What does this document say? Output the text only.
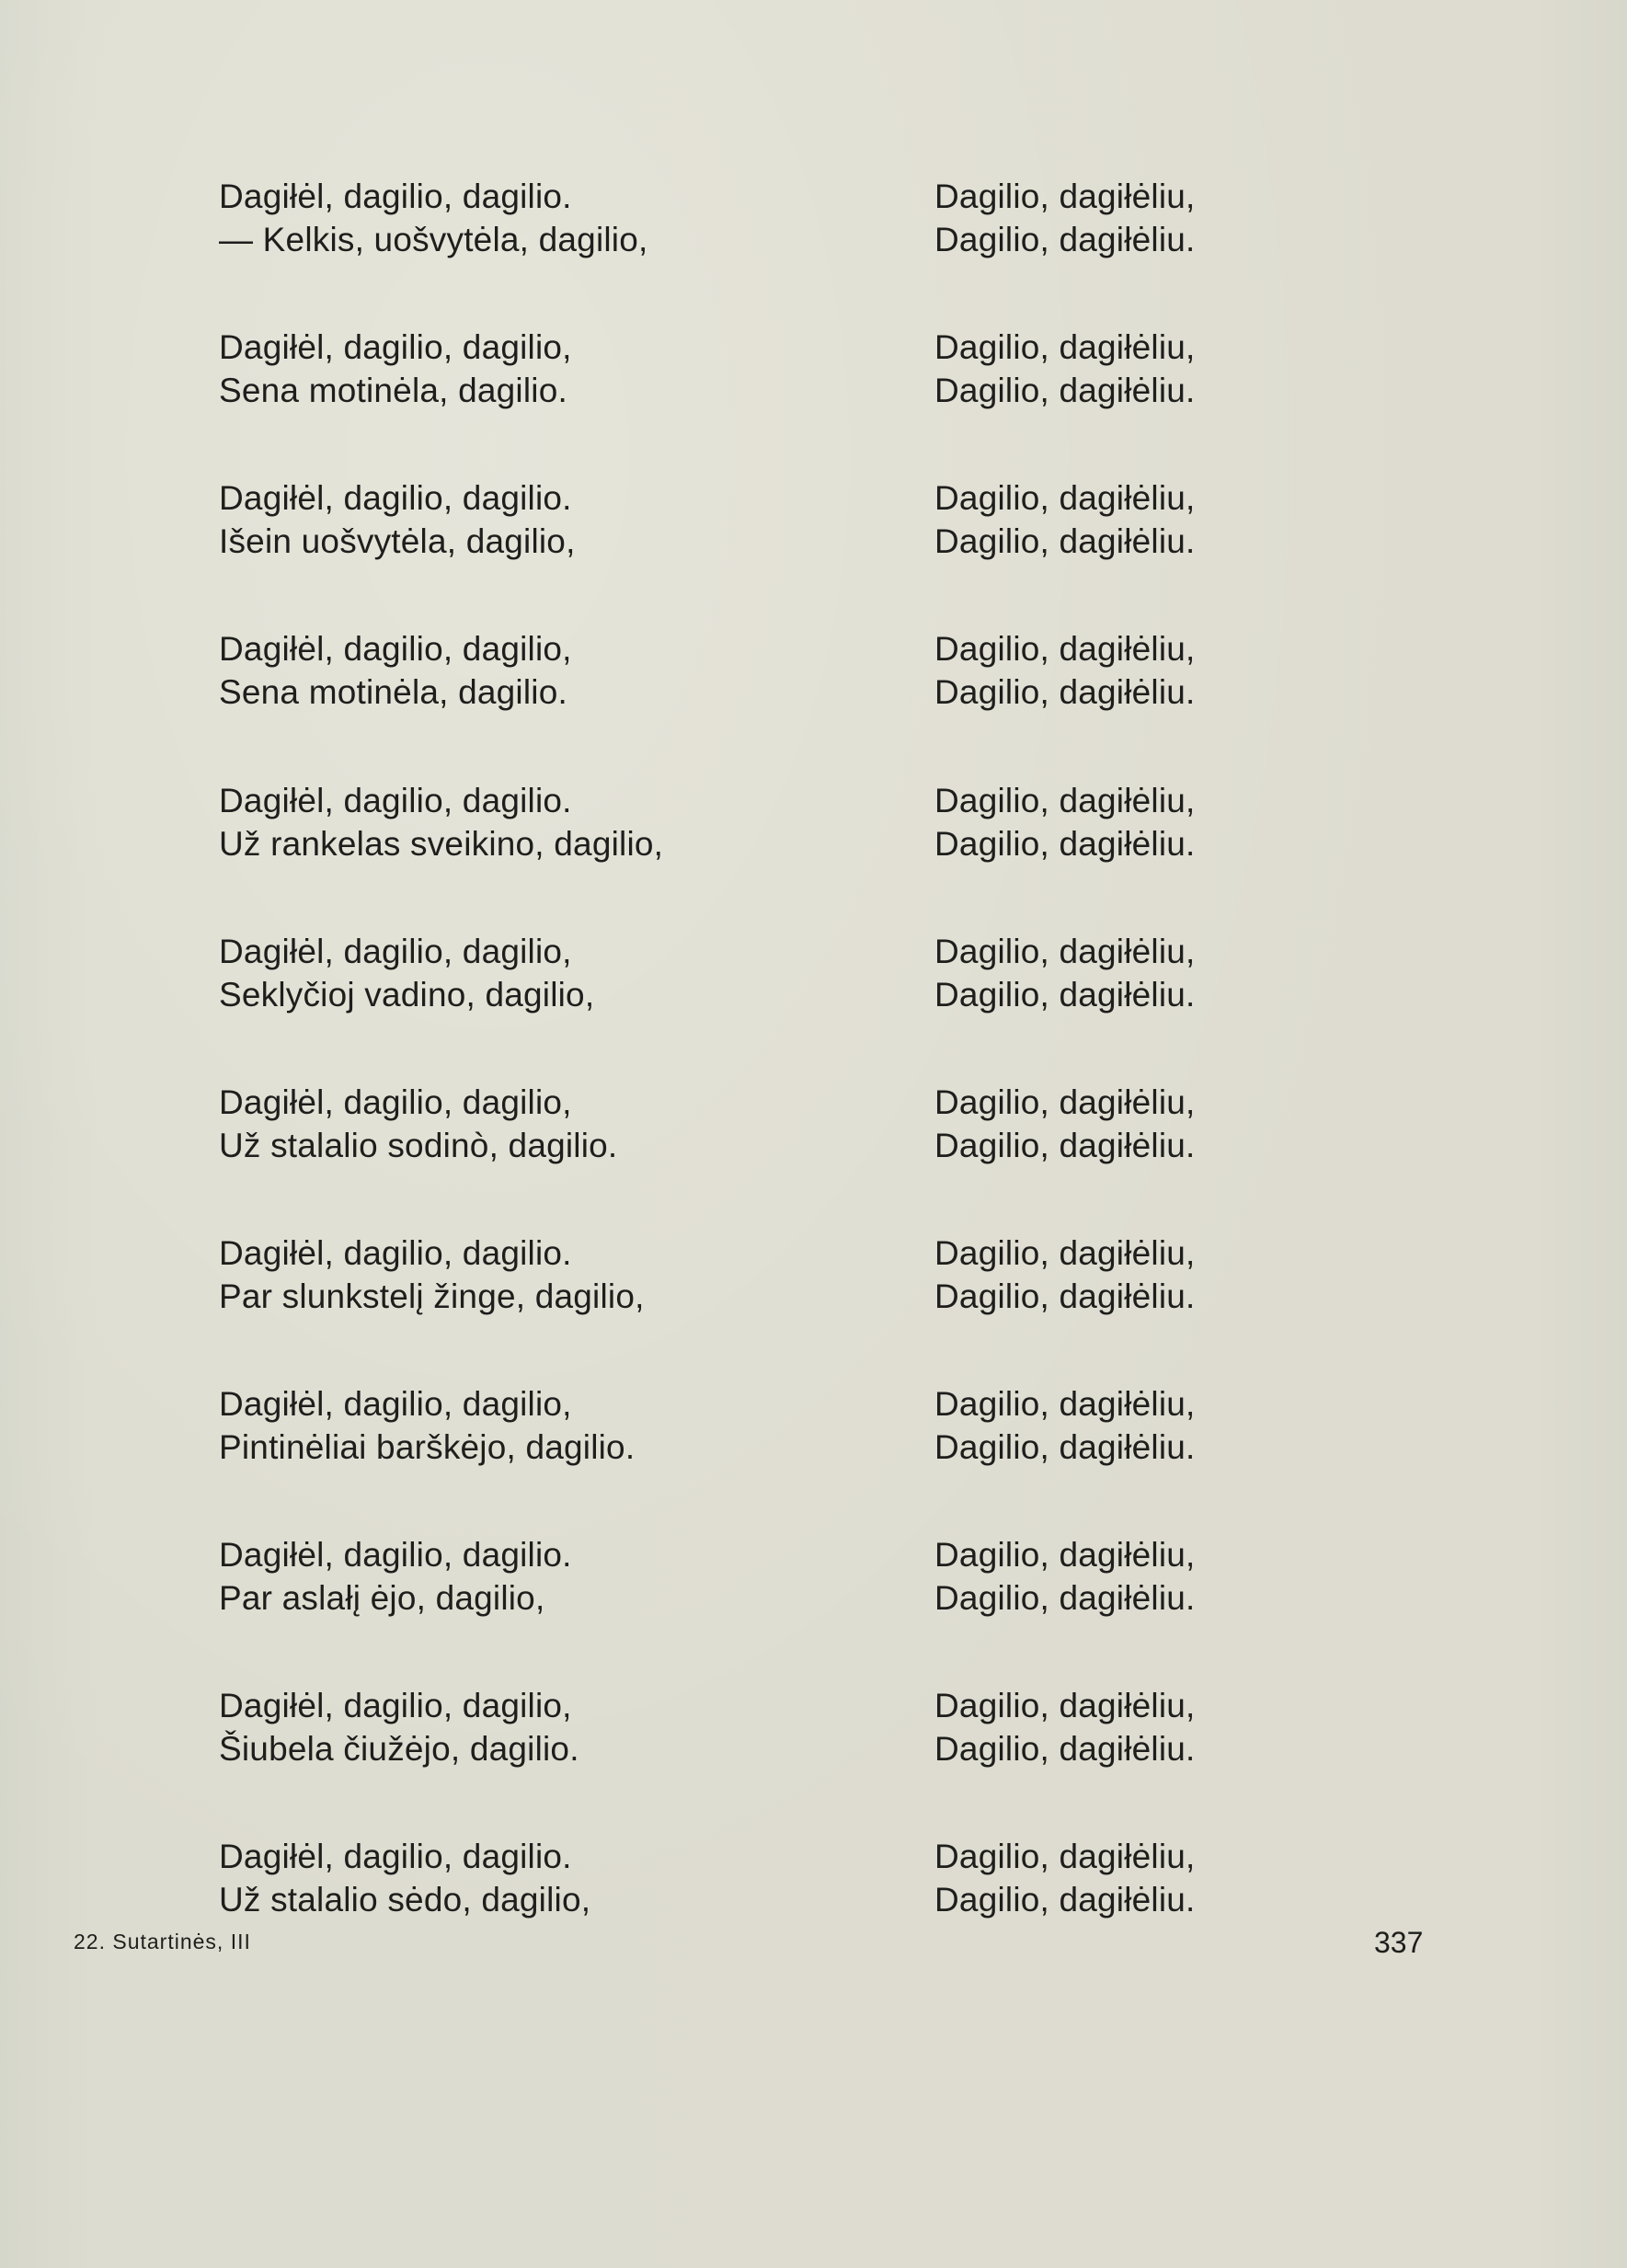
Dagiłėl, dagilio, dagilio.
— Kelkis, uošvytėla, dagilio,
Dagilio, dagiłėliu,
Dagilio, dagiłėliu.
Dagiłėl, dagilio, dagilio,
Sena motinėla, dagilio.
Dagilio, dagiłėliu,
Dagilio, dagiłėliu.
Dagiłėl, dagilio, dagilio.
Išein uošvytėla, dagilio,
Dagilio, dagiłėliu,
Dagilio, dagiłėliu.
Dagiłėl, dagilio, dagilio,
Sena motinėla, dagilio.
Dagilio, dagiłėliu,
Dagilio, dagiłėliu.
Dagiłėl, dagilio, dagilio.
Už rankelas sveikino, dagilio,
Dagilio, dagiłėliu,
Dagilio, dagiłėliu.
Dagiłėl, dagilio, dagilio,
Seklyčioj vadino, dagilio,
Dagilio, dagiłėliu,
Dagilio, dagiłėliu.
Dagiłėl, dagilio, dagilio,
Už stalalio sodinò, dagilio.
Dagilio, dagiłėliu,
Dagilio, dagiłėliu.
Dagiłėl, dagilio, dagilio.
Par slunkstelį žinge, dagilio,
Dagilio, dagiłėliu,
Dagilio, dagiłėliu.
Dagiłėl, dagilio, dagilio,
Pintinėliai barškėjo, dagilio.
Dagilio, dagiłėliu,
Dagilio, dagiłėliu.
Dagiłėl, dagilio, dagilio.
Par aslałį ėjo, dagilio,
Dagilio, dagiłėliu,
Dagilio, dagiłėliu.
Dagiłėl, dagilio, dagilio,
Šiubela čiužėjo, dagilio.
Dagilio, dagiłėliu,
Dagilio, dagiłėliu.
Dagiłėl, dagilio, dagilio.
Už stalalio sėdo, dagilio,
Dagilio, dagiłėliu,
Dagilio, dagiłėliu.
22. Sutartinės, III	337
